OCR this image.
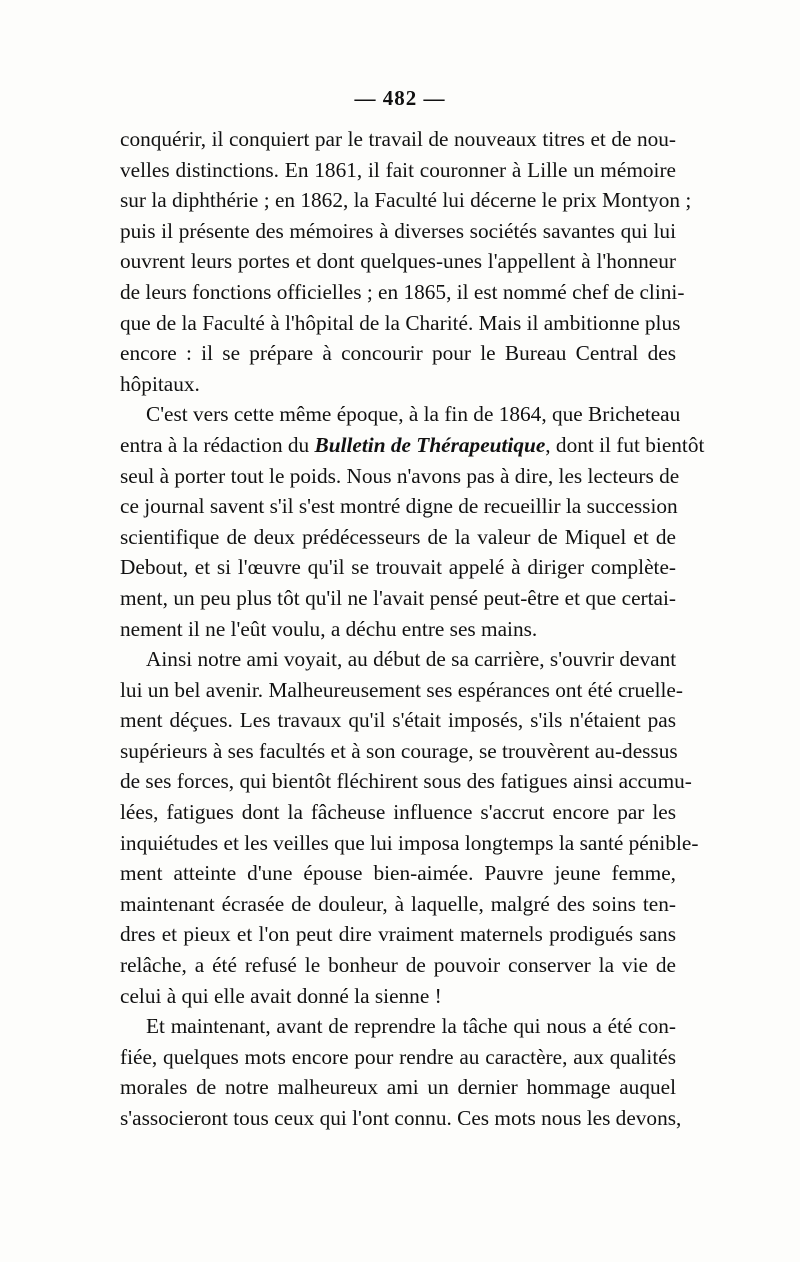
— 482 —
conquérir, il conquiert par le travail de nouveaux titres et de nou-
velles distinctions. En 1861, il fait couronner à Lille un mémoire
sur la diphthérie ; en 1862, la Faculté lui décerne le prix Montyon ;
puis il présente des mémoires à diverses sociétés savantes qui lui
ouvrent leurs portes et dont quelques-unes l'appellent à l'honneur
de leurs fonctions officielles ; en 1865, il est nommé chef de clini-
que de la Faculté à l'hôpital de la Charité. Mais il ambitionne plus
encore : il se prépare à concourir pour le Bureau Central des
hôpitaux.
C'est vers cette même époque, à la fin de 1864, que Bricheteau
entra à la rédaction du Bulletin de Thérapeutique, dont il fut bientôt
seul à porter tout le poids. Nous n'avons pas à dire, les lecteurs de
ce journal savent s'il s'est montré digne de recueillir la succession
scientifique de deux prédécesseurs de la valeur de Miquel et de
Debout, et si l'œuvre qu'il se trouvait appelé à diriger complète-
ment, un peu plus tôt qu'il ne l'avait pensé peut-être et que certai-
nement il ne l'eût voulu, a déchu entre ses mains.
Ainsi notre ami voyait, au début de sa carrière, s'ouvrir devant
lui un bel avenir. Malheureusement ses espérances ont été cruelle-
ment déçues. Les travaux qu'il s'était imposés, s'ils n'étaient pas
supérieurs à ses facultés et à son courage, se trouvèrent au-dessus
de ses forces, qui bientôt fléchirent sous des fatigues ainsi accumu-
lées, fatigues dont la fâcheuse influence s'accrut encore par les
inquiétudes et les veilles que lui imposa longtemps la santé pénible-
ment atteinte d'une épouse bien-aimée. Pauvre jeune femme,
maintenant écrasée de douleur, à laquelle, malgré des soins ten-
dres et pieux et l'on peut dire vraiment maternels prodigués sans
relâche, a été refusé le bonheur de pouvoir conserver la vie de
celui à qui elle avait donné la sienne !
Et maintenant, avant de reprendre la tâche qui nous a été con-
fiée, quelques mots encore pour rendre au caractère, aux qualités
morales de notre malheureux ami un dernier hommage auquel
s'associeront tous ceux qui l'ont connu. Ces mots nous les devons,
